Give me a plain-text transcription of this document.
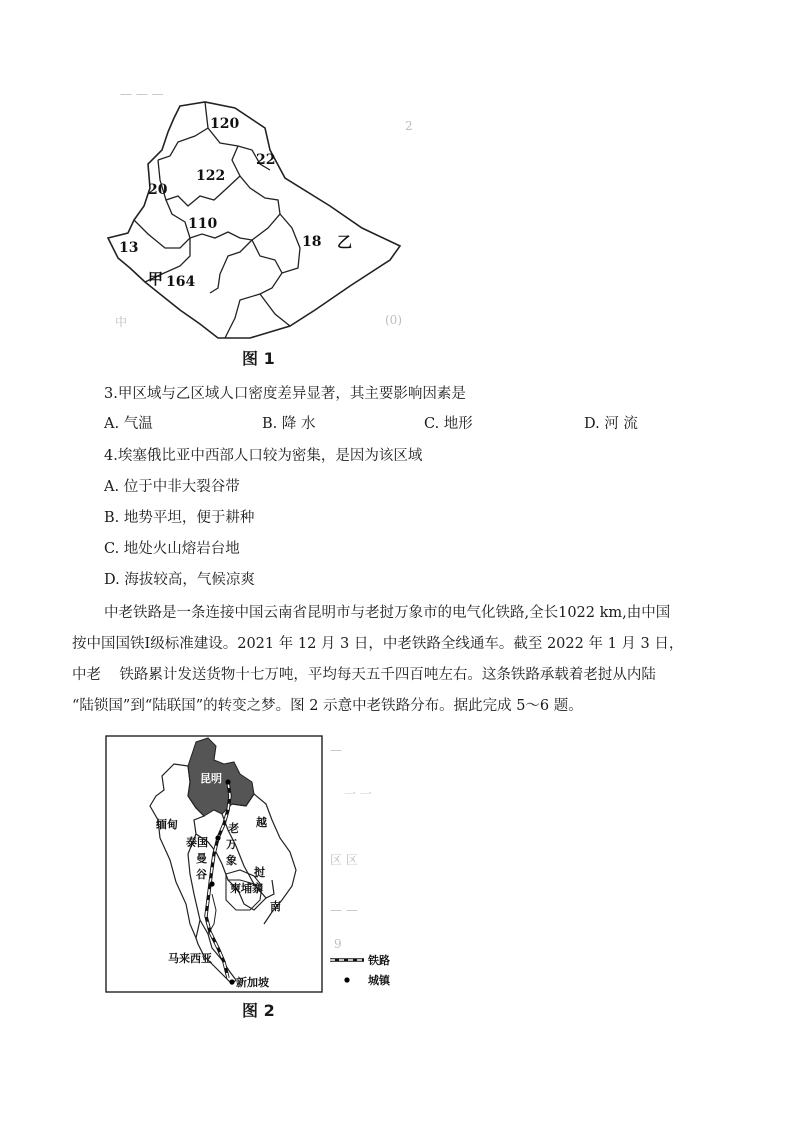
— — —
2
中	(0)
120
22
122
20
110
13
甲 164
18 乙
图 1
3.甲区域与乙区域人口密度差异显著，其主要影响因素是
A. 气温	B. 降 水	C. 地形	D. 河 流
4.埃塞俄比亚中西部人口较为密集，是因为该区域
A. 位于中非大裂谷带
B. 地势平坦，便于耕种
C. 地处火山熔岩台地
D. 海拔较高，气候凉爽
中老铁路是一条连接中国云南省昆明市与老挝万象市的电气化铁路,全长1022 km,由中国
按中国国铁Ⅰ级标准建设。2021 年 12 月 3 日，中老铁路全线通车。截至 2022 年 1 月 3 日，
中老    铁路累计发送货物十七万吨，平均每天五千四百吨左右。这条铁路承载着老挝从内陆
“陆锁国”到“陆联国”的转变之梦。图 2 示意中老铁路分布。据此完成 5～6 题。
—
一 一
区 区
— —
9
昆明
缅甸	越
南
老
挝
万
象
泰国
曼
谷
柬埔寨
马来西亚
新加坡
铁路
城镇
图 2
